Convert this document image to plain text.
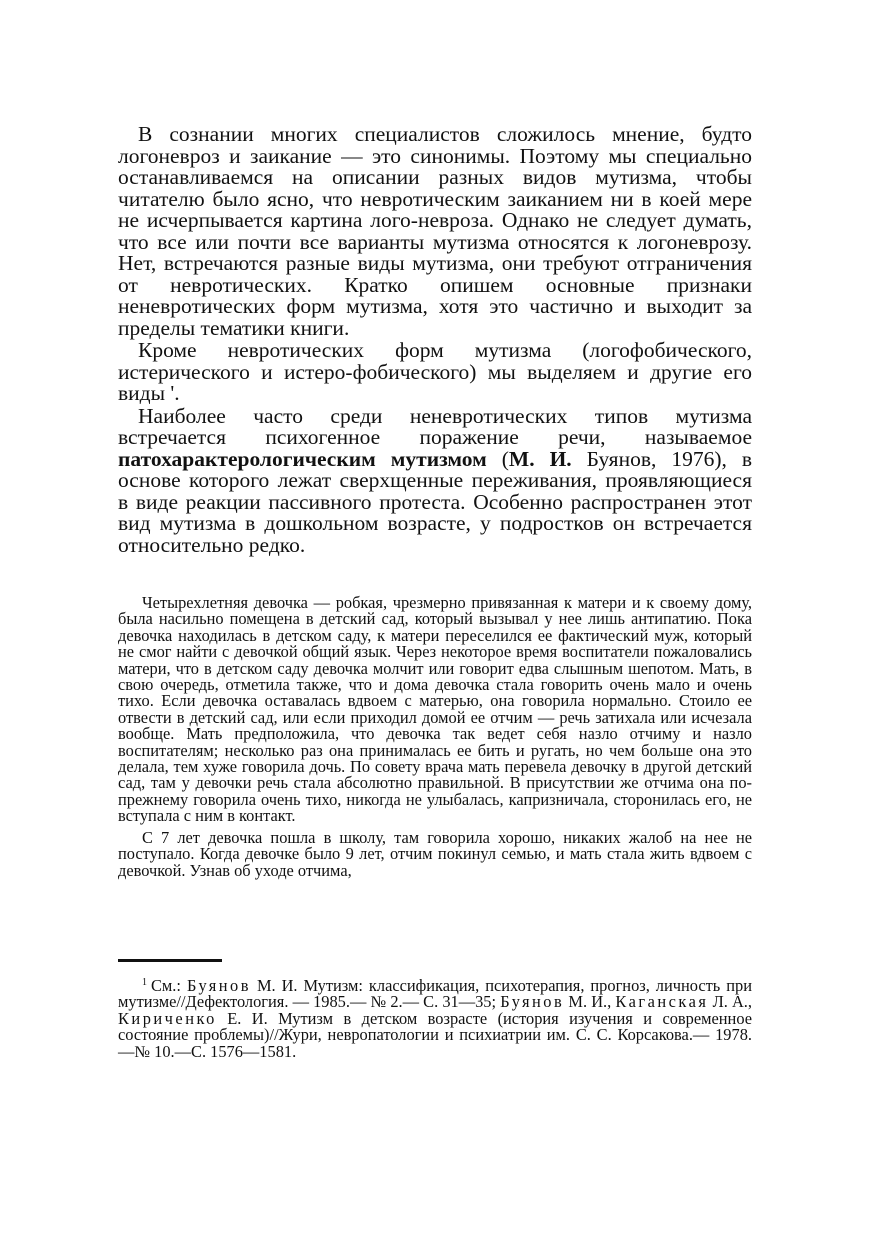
В сознании многих специалистов сложилось мнение, будто логоневроз и заикание — это синонимы. Поэтому мы специально останавливаемся на описании разных видов мутизма, чтобы читателю было ясно, что невротическим заиканием ни в коей мере не исчерпывается картина лого-невроза. Однако не следует думать, что все или почти все варианты мутизма относятся к логоневрозу. Нет, встречаются разные виды мутизма, они требуют отграничения от невротических. Кратко опишем основные признаки неневротических форм мутизма, хотя это частично и выходит за пределы тематики книги.

Кроме невротических форм мутизма (логофобического, истерического и истеро-фобического) мы выделяем и другие его виды '.

Наиболее часто среди неневротических типов мутизма встречается психогенное поражение речи, называемое патохарактерологическим мутизмом (М. И. Буянов, 1976), в основе которого лежат сверхщенные переживания, проявляющиеся в виде реакции пассивного протеста. Особенно распространен этот вид мутизма в дошкольном возрасте, у подростков он встречается относительно редко.

Четырехлетняя девочка — робкая, чрезмерно привязанная к матери и к своему дому, была насильно помещена в детский сад, который вызывал у нее лишь антипатию. Пока девочка находилась в детском саду, к матери переселился ее фактический муж, который не смог найти с девочкой общий язык. Через некоторое время воспитатели пожаловались матери, что в детском саду девочка молчит или говорит едва слышным шепотом. Мать, в свою очередь, отметила также, что и дома девочка стала говорить очень мало и очень тихо. Если девочка оставалась вдвоем с матерью, она говорила нормально. Стоило ее отвести в детский сад, или если приходил домой ее отчим — речь затихала или исчезала вообще. Мать предположила, что девочка так ведет себя назло отчиму и назло воспитателям; несколько раз она принималась ее бить и ругать, но чем больше она это делала, тем хуже говорила дочь. По совету врача мать перевела девочку в другой детский сад, там у девочки речь стала абсолютно правильной. В присутствии же отчима она по-прежнему говорила очень тихо, никогда не улыбалась, капризничала, сторонилась его, не вступала с ним в контакт.

С 7 лет девочка пошла в школу, там говорила хорошо, никаких жалоб на нее не поступало. Когда девочке было 9 лет, отчим покинул семью, и мать стала жить вдвоем с девочкой. Узнав об уходе отчима,

$^1$ См.: Буянов М. И. Мутизм: классификация, психотерапия, прогноз, личность при мутизме//Дефектология. — 1985.— № 2.— С. 31—35; Буянов М. И., Каганская Л. А., Кириченко Е. И. Мутизм в детском возрасте (история изучения и современное состояние проблемы)//Жури, невропатологии и психиатрии им. С. С. Корсакова.— 1978.—№ 10.—С. 1576—1581.
